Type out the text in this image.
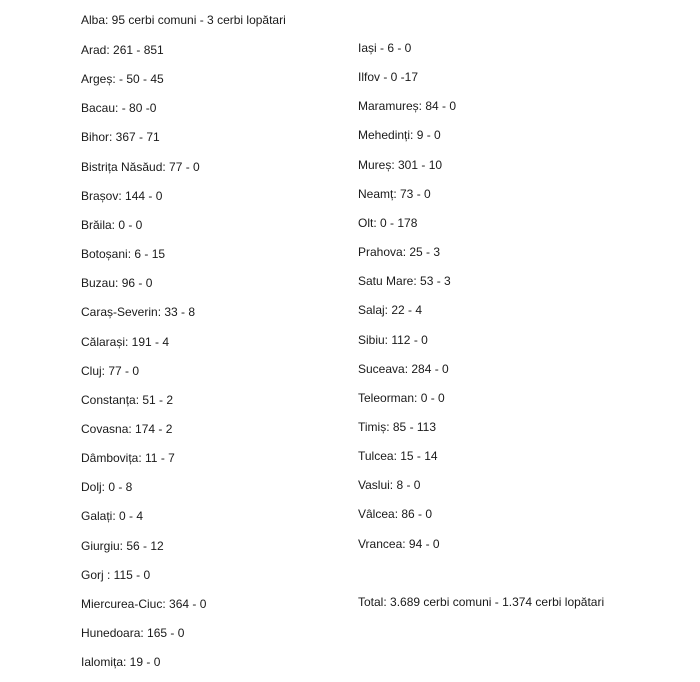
Alba: 95 cerbi comuni - 3 cerbi lopătari
Arad: 261 - 851
Argeș: - 50 - 45
Bacau: - 80 -0
Bihor: 367 - 71
Bistrița Năsăud: 77 - 0
Brașov: 144 - 0
Brăila: 0 - 0
Botoșani: 6 - 15
Buzau: 96 - 0
Caraș-Severin: 33 - 8
Călarași: 191 - 4
Cluj: 77 - 0
Constanța: 51 - 2
Covasna: 174 - 2
Dâmbovița: 11 - 7
Dolj: 0 - 8
Galați: 0 - 4
Giurgiu: 56 - 12
Gorj : 115 - 0
Miercurea-Ciuc: 364 - 0
Hunedoara: 165 - 0
Ialomița: 19 - 0
Iași - 6 - 0
Ilfov - 0 -17
Maramureș: 84 - 0
Mehedinți: 9 - 0
Mureș: 301 - 10
Neamț: 73 - 0
Olt: 0 - 178
Prahova: 25 - 3
Satu Mare: 53 - 3
Salaj: 22 - 4
Sibiu: 112 - 0
Suceava: 284 - 0
Teleorman: 0 - 0
Timiș: 85 - 113
Tulcea: 15 - 14
Vaslui: 8 - 0
Vâlcea: 86 - 0
Vrancea: 94 - 0
Total: 3.689 cerbi comuni - 1.374 cerbi lopătari
